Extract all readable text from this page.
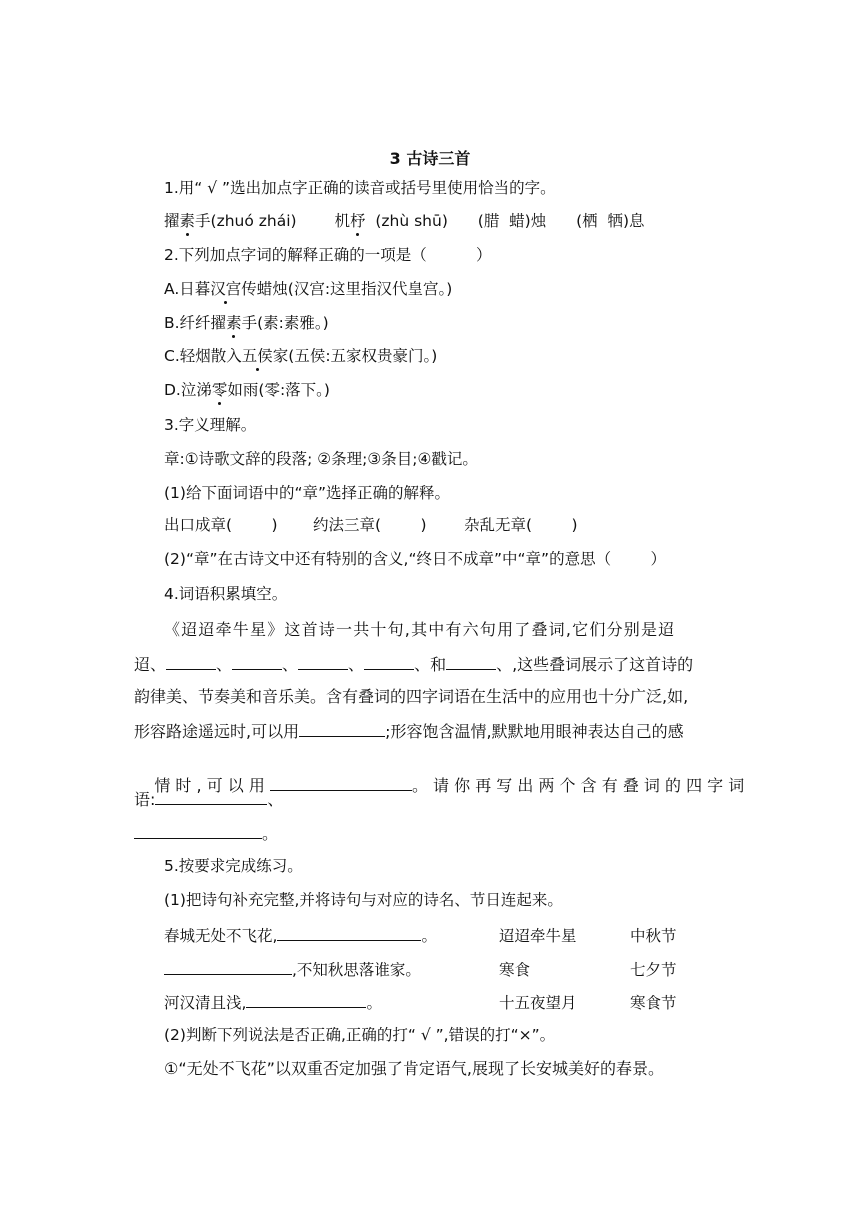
3 古诗三首
1.用“ √ ”选出加点字正确的读音或括号里使用恰当的字。
擢素手(zhuó zhái) 机杼  (zhù shū) (腊  蜡)烛 (栖  牺)息
2.下列加点字词的解释正确的一项是（          ）
A.日暮汉宫传蜡烛(汉宫:这里指汉代皇宫。)
B.纤纤擢素手(素:素雅。)
C.轻烟散入五侯家(五侯:五家权贵豪门。)
D.泣涕零如雨(零:落下。)
3.字义理解。
章:①诗歌文辞的段落; ②条理;③条目;④戳记。
(1)给下面词语中的“章”选择正确的解释。
出口成章(        ) 约法三章(        ) 杂乱无章(        )
(2)“章”在古诗文中还有特别的含义,“终日不成章”中“章”的意思（        ）
4.词语积累填空。
《迢迢牵牛星》这首诗一共十句,其中有六句用了叠词,它们分别是迢
迢、	、	、	、	、和	、,这些叠词展示了这首诗的
韵律美、节奏美和音乐美。含有叠词的四字词语在生活中的应用也十分广泛,如,
形容路途遥远时,可以用	;形容饱含温情,默默地用眼神表达自己的感

情 时 , 可 以 用	。 请 你 再 写 出 两 个 含 有 叠 词 的 四 字 词

语:	、
。
5.按要求完成练习。
(1)把诗句补充完整,并将诗句与对应的诗名、节日连起来。
春城无处不飞花,	。	迢迢牵牛星	中秋节
,不知秋思落谁家。	寒食	七夕节
河汉清且浅,	。	十五夜望月	寒食节
(2)判断下列说法是否正确,正确的打“ √ ”,错误的打“×”。
①“无处不飞花”以双重否定加强了肯定语气,展现了长安城美好的春景。
